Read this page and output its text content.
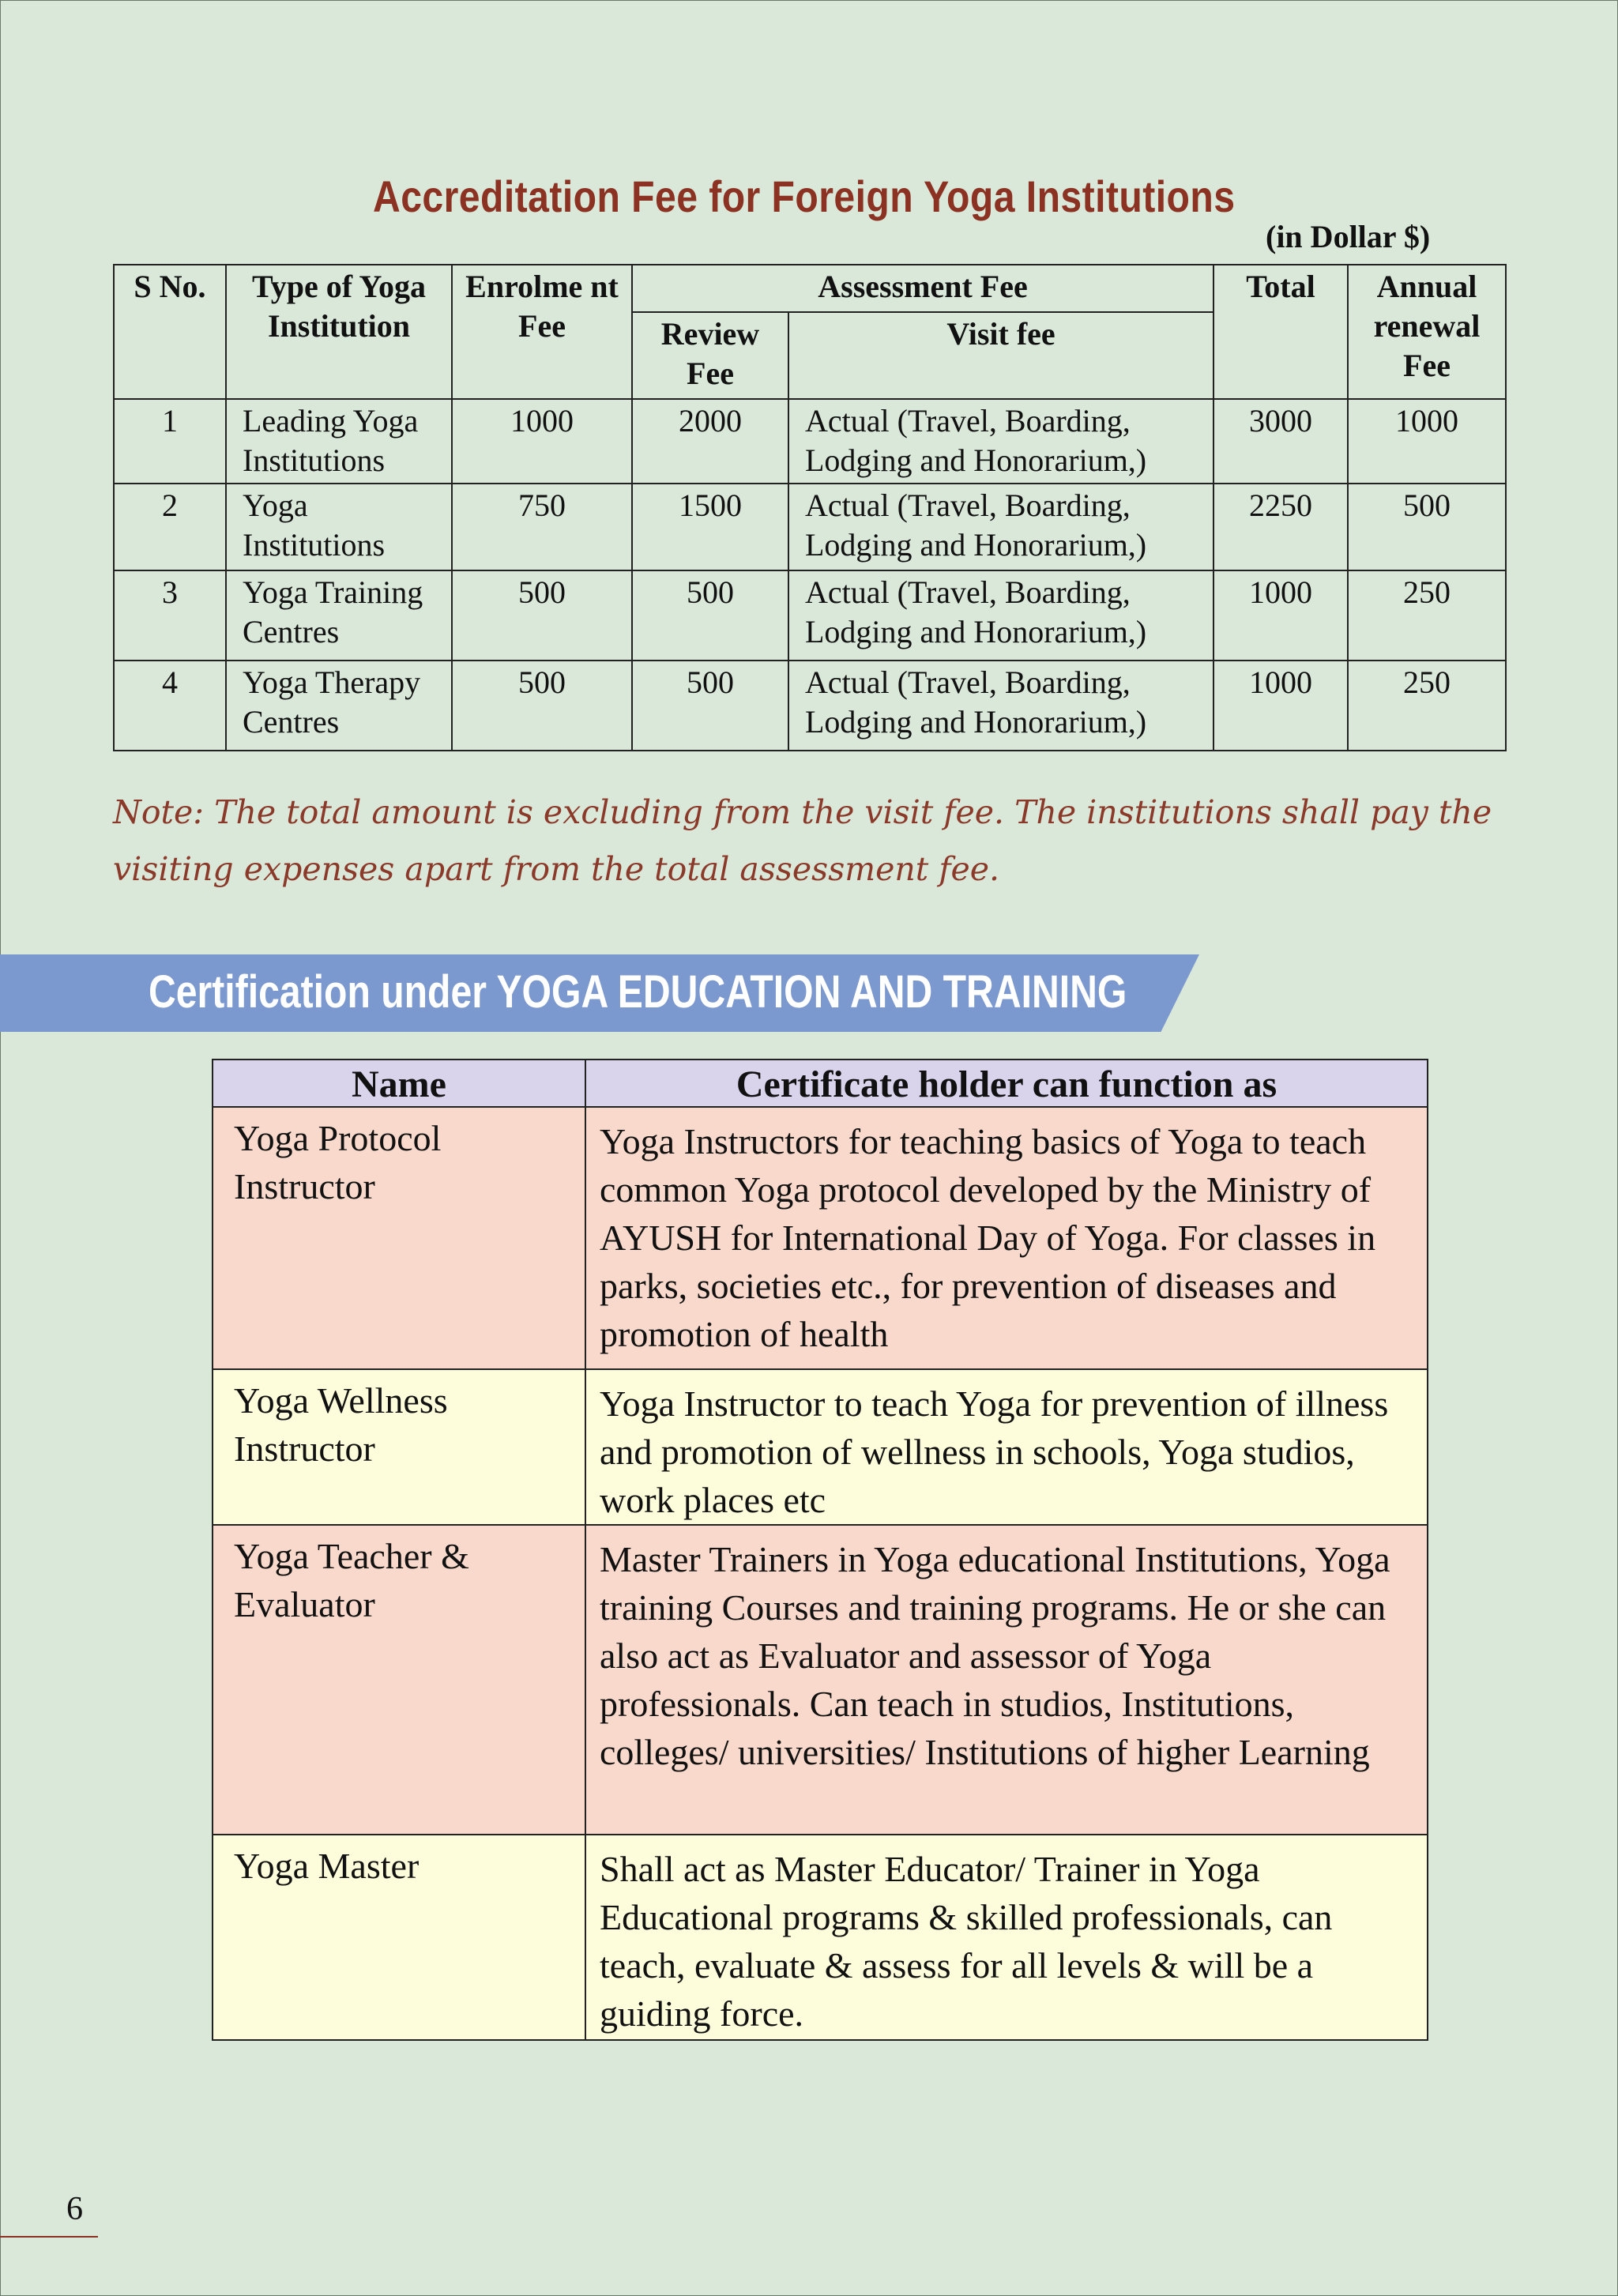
Accreditation Fee for Foreign Yoga Institutions
(in Dollar $)
S No.	Type of Yoga Institution	Enrolme nt Fee	Assessment Fee		Total	Annual renewal Fee
			Review Fee	Visit fee		
1	Leading Yoga Institutions	1000	2000	Actual (Travel, Boarding, Lodging and Honorarium,)	3000	1000
2	Yoga Institutions	750	1500	Actual (Travel, Boarding, Lodging and Honorarium,)	2250	500
3	Yoga Training Centres	500	500	Actual (Travel, Boarding, Lodging and Honorarium,)	1000	250
4	Yoga Therapy Centres	500	500	Actual (Travel, Boarding, Lodging and Honorarium,)	1000	250
Note: The total amount is excluding from the visit fee. The institutions shall pay the visiting expenses apart from the total assessment fee.
Certification under YOGA EDUCATION AND TRAINING
Name	Certificate holder can function as
Yoga Protocol Instructor	Yoga Instructors for teaching basics of Yoga to teach common Yoga protocol developed by the Ministry of AYUSH for International Day of Yoga. For classes in parks, societies etc., for prevention of diseases and promotion of health
Yoga Wellness Instructor	Yoga Instructor to teach Yoga for prevention of illness and promotion of wellness in schools, Yoga studios, work places etc
Yoga Teacher & Evaluator	Master Trainers in Yoga educational Institutions, Yoga training Courses and training programs. He or she can also act as Evaluator and assessor of Yoga professionals. Can teach in studios, Institutions, colleges/ universities/ Institutions of higher Learning
Yoga Master	Shall act as Master Educator/ Trainer in Yoga Educational programs & skilled professionals, can teach, evaluate & assess for all levels & will be a guiding force.
6
